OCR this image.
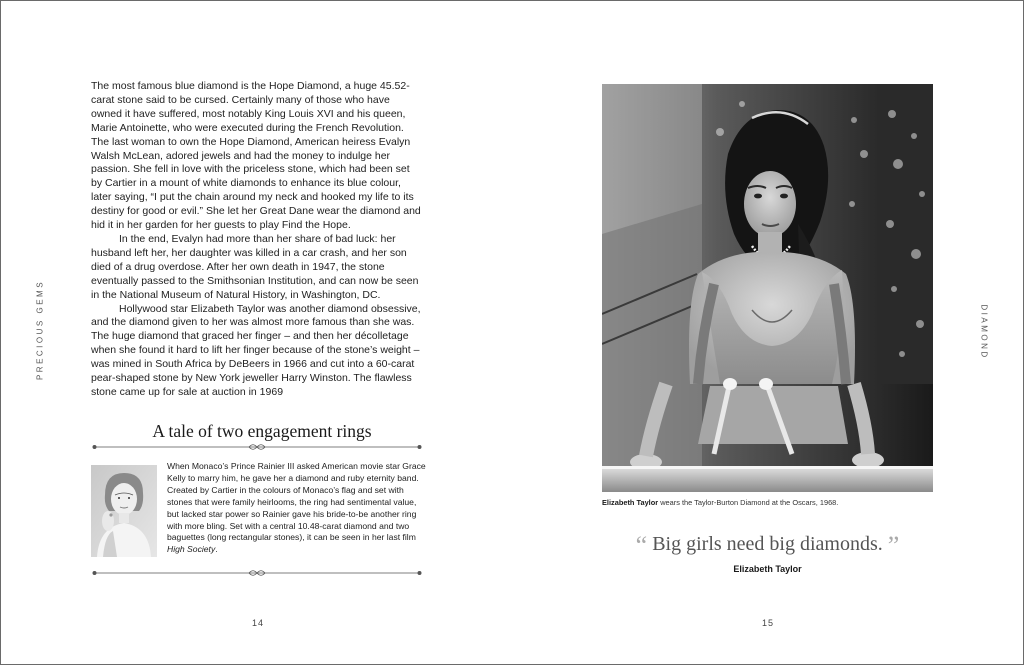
PRECIOUS GEMS	DIAMOND

The most famous blue diamond is the Hope Diamond, a huge 45.52-carat stone said to be cursed. Certainly many of those who have owned it have suffered, most notably King Louis XVI and his queen, Marie Antoinette, who were executed during the French Revolution. The last woman to own the Hope Diamond, American heiress Evalyn Walsh McLean, adored jewels and had the money to indulge her passion. She fell in love with the priceless stone, which had been set by Cartier in a mount of white diamonds to enhance its blue colour, later saying, “I put the chain around my neck and hooked my life to its destiny for good or evil.” She let her Great Dane wear the diamond and hid it in her garden for her guests to play Find the Hope.

In the end, Evalyn had more than her share of bad luck: her husband left her, her daughter was killed in a car crash, and her son died of a drug overdose. After her own death in 1947, the stone eventually passed to the Smithsonian Institution, and can now be seen in the National Museum of Natural History, in Washington, DC.

Hollywood star Elizabeth Taylor was another diamond obsessive, and the diamond given to her was almost more famous than she was. The huge diamond that graced her finger – and then her décolletage when she found it hard to lift her finger because of the stone’s weight – was mined in South Africa by DeBeers in 1966 and cut into a 60-carat pear-shaped stone by New York jeweller Harry Winston. The flawless stone came up for sale at auction in 1969

A tale of two engagement rings
When Monaco’s Prince Rainier III asked American movie star Grace Kelly to marry him, he gave her a diamond and ruby eternity band. Created by Cartier in the colours of Monaco’s flag and set with stones that were family heirlooms, the ring had sentimental value, but lacked star power so Rainier gave his bride-to-be another ring with more bling. Set with a central 10.48-carat diamond and two baguettes (long rectangular stones), it can be seen in her last film High Society.
Elizabeth Taylor wears the Taylor-Burton Diamond at the Oscars, 1968.
“ Big girls need big diamonds. ”
Elizabeth Taylor
14	15
